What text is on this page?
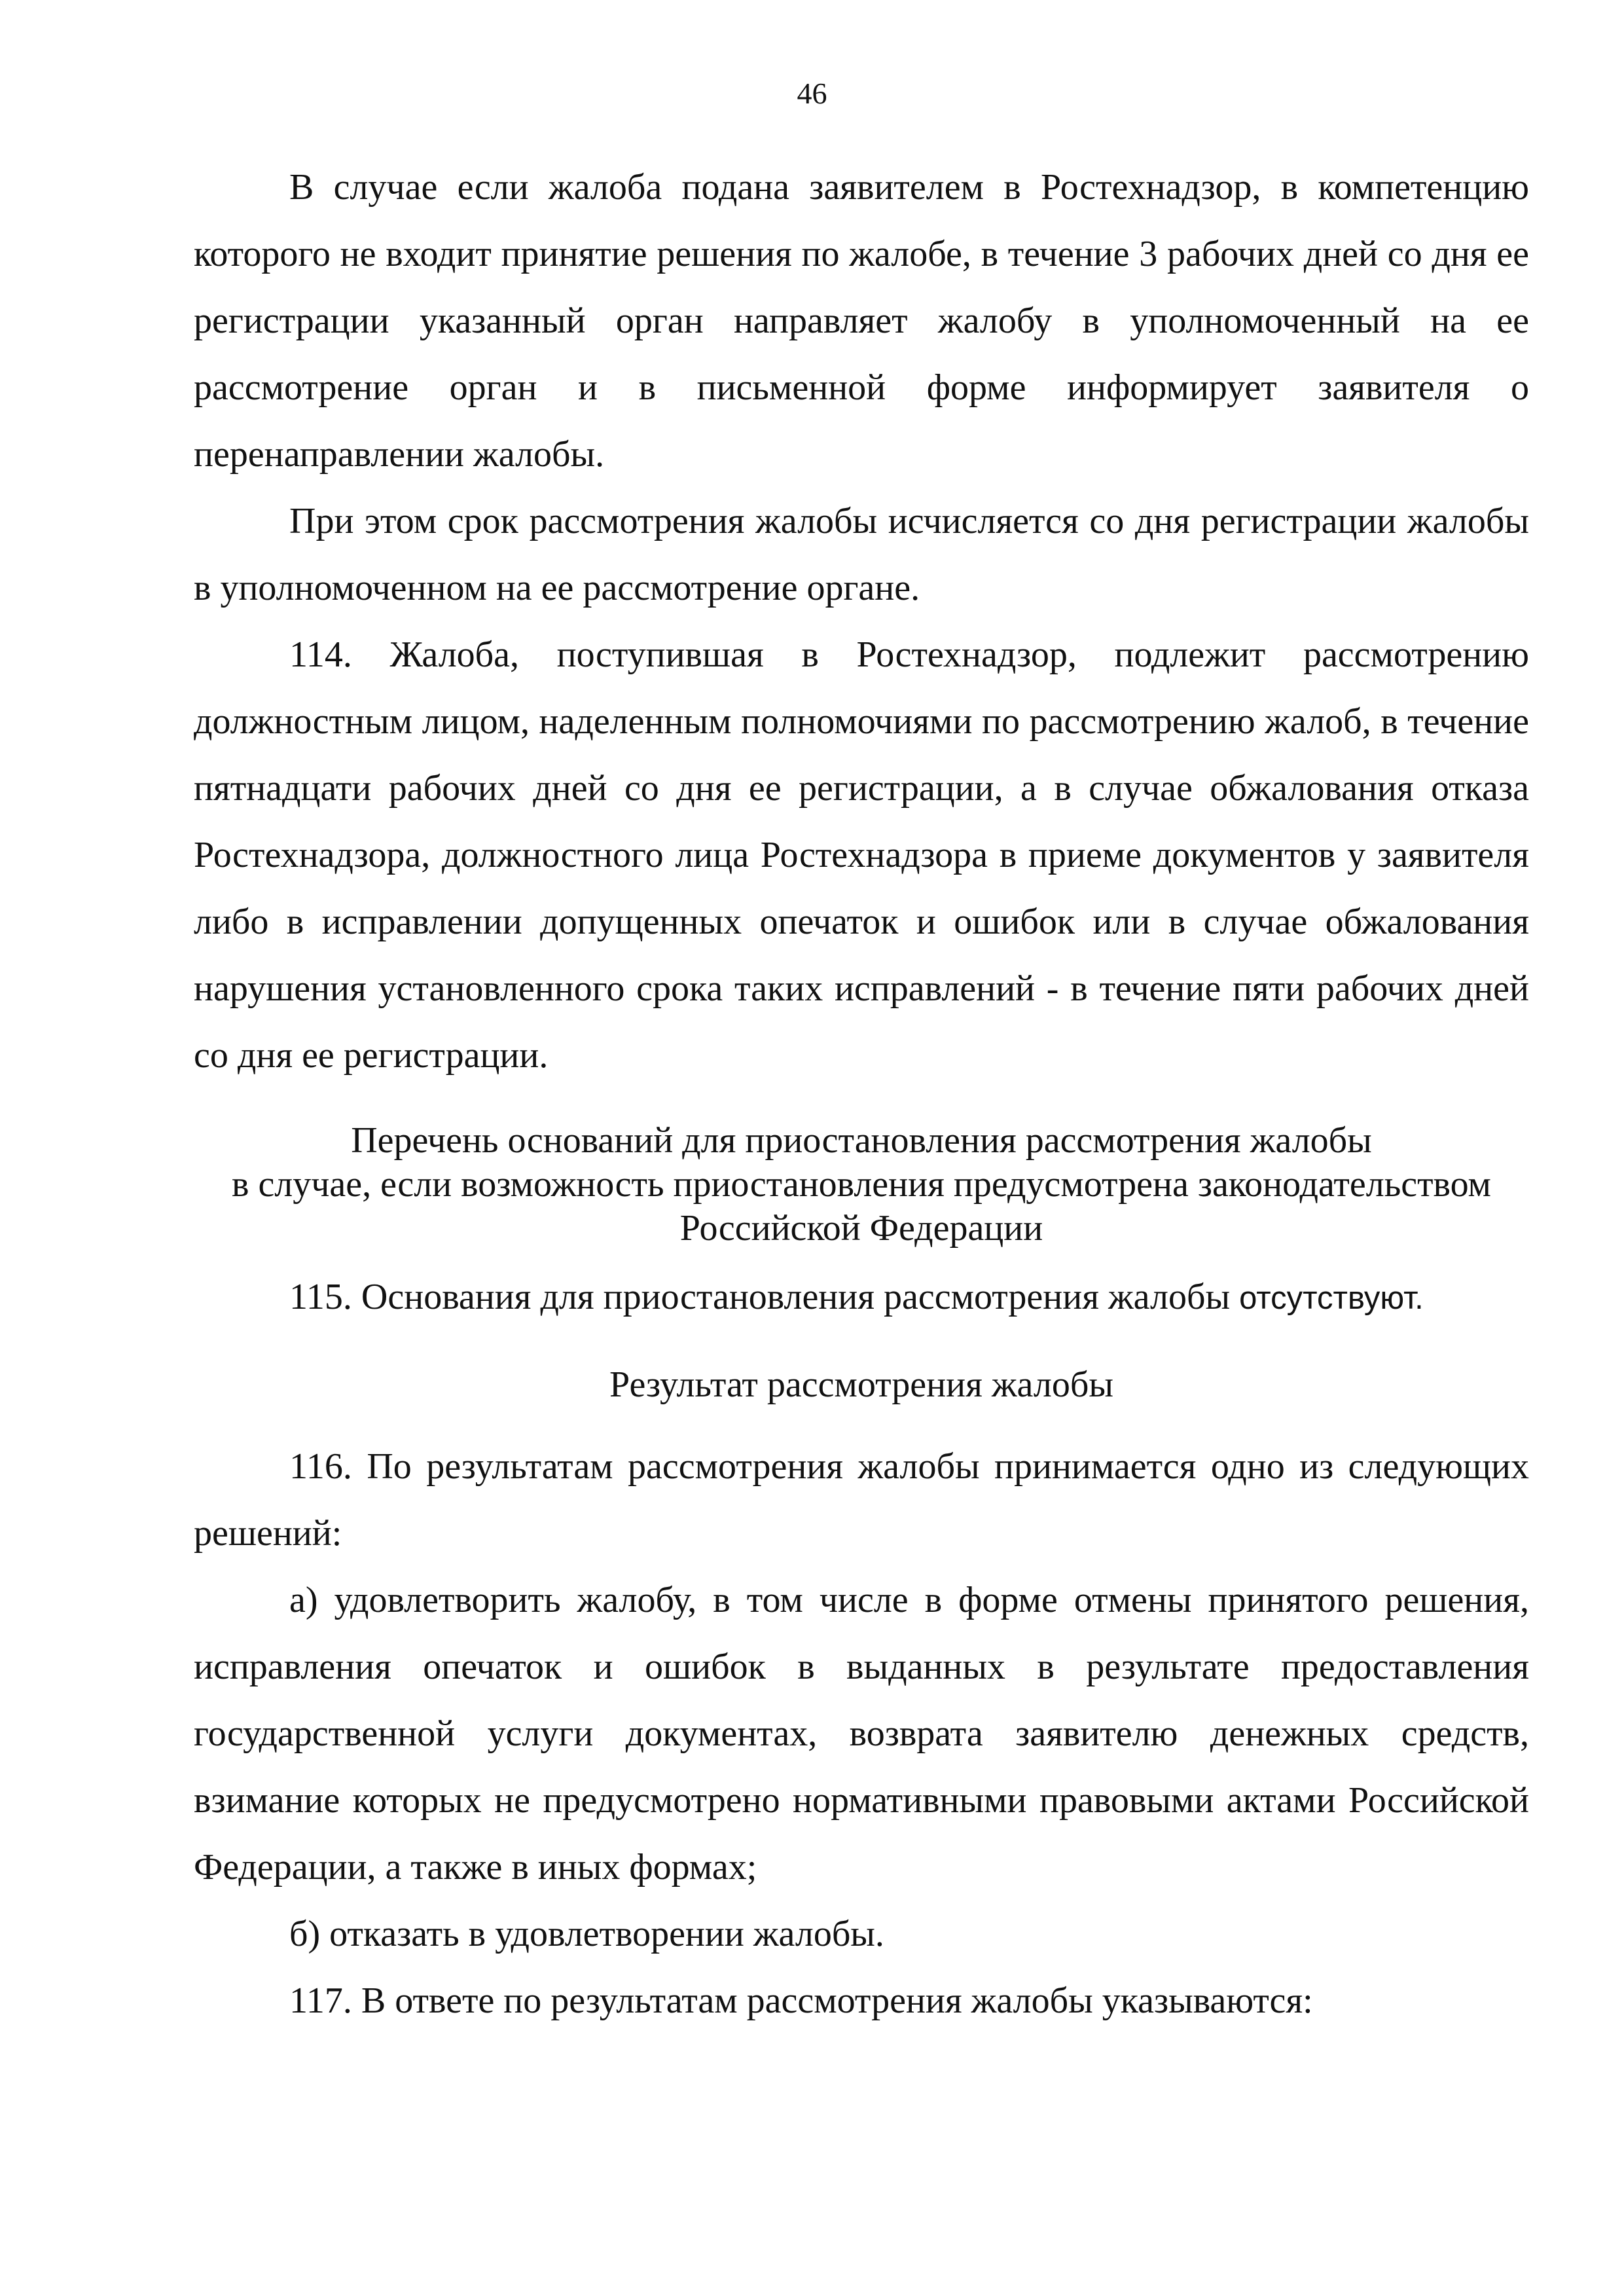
46

В случае если жалоба подана заявителем в Ростехнадзор, в компетенцию которого не входит принятие решения по жалобе, в течение 3 рабочих дней со дня ее регистрации указанный орган направляет жалобу в уполномоченный на ее рассмотрение орган и в письменной форме информирует заявителя о перенаправлении жалобы.

При этом срок рассмотрения жалобы исчисляется со дня регистрации жалобы в уполномоченном на ее рассмотрение органе.

114. Жалоба, поступившая в Ростехнадзор, подлежит рассмотрению должностным лицом, наделенным полномочиями по рассмотрению жалоб, в течение пятнадцати рабочих дней со дня ее регистрации, а в случае обжалования отказа Ростехнадзора, должностного лица Ростехнадзора в приеме документов у заявителя либо в исправлении допущенных опечаток и ошибок или в случае обжалования нарушения установленного срока таких исправлений - в течение пяти рабочих дней со дня ее регистрации.

Перечень оснований для приостановления рассмотрения жалобы
в случае, если возможность приостановления предусмотрена законодательством
Российской Федерации

115. Основания для приостановления рассмотрения жалобы отсутствуют.

Результат рассмотрения жалобы

116. По результатам рассмотрения жалобы принимается одно из следующих решений:

а) удовлетворить жалобу, в том числе в форме отмены принятого решения, исправления опечаток и ошибок в выданных в результате предоставления государственной услуги документах, возврата заявителю денежных средств, взимание которых не предусмотрено нормативными правовыми актами Российской Федерации, а также в иных формах;

б) отказать в удовлетворении жалобы.

117. В ответе по результатам рассмотрения жалобы указываются:
